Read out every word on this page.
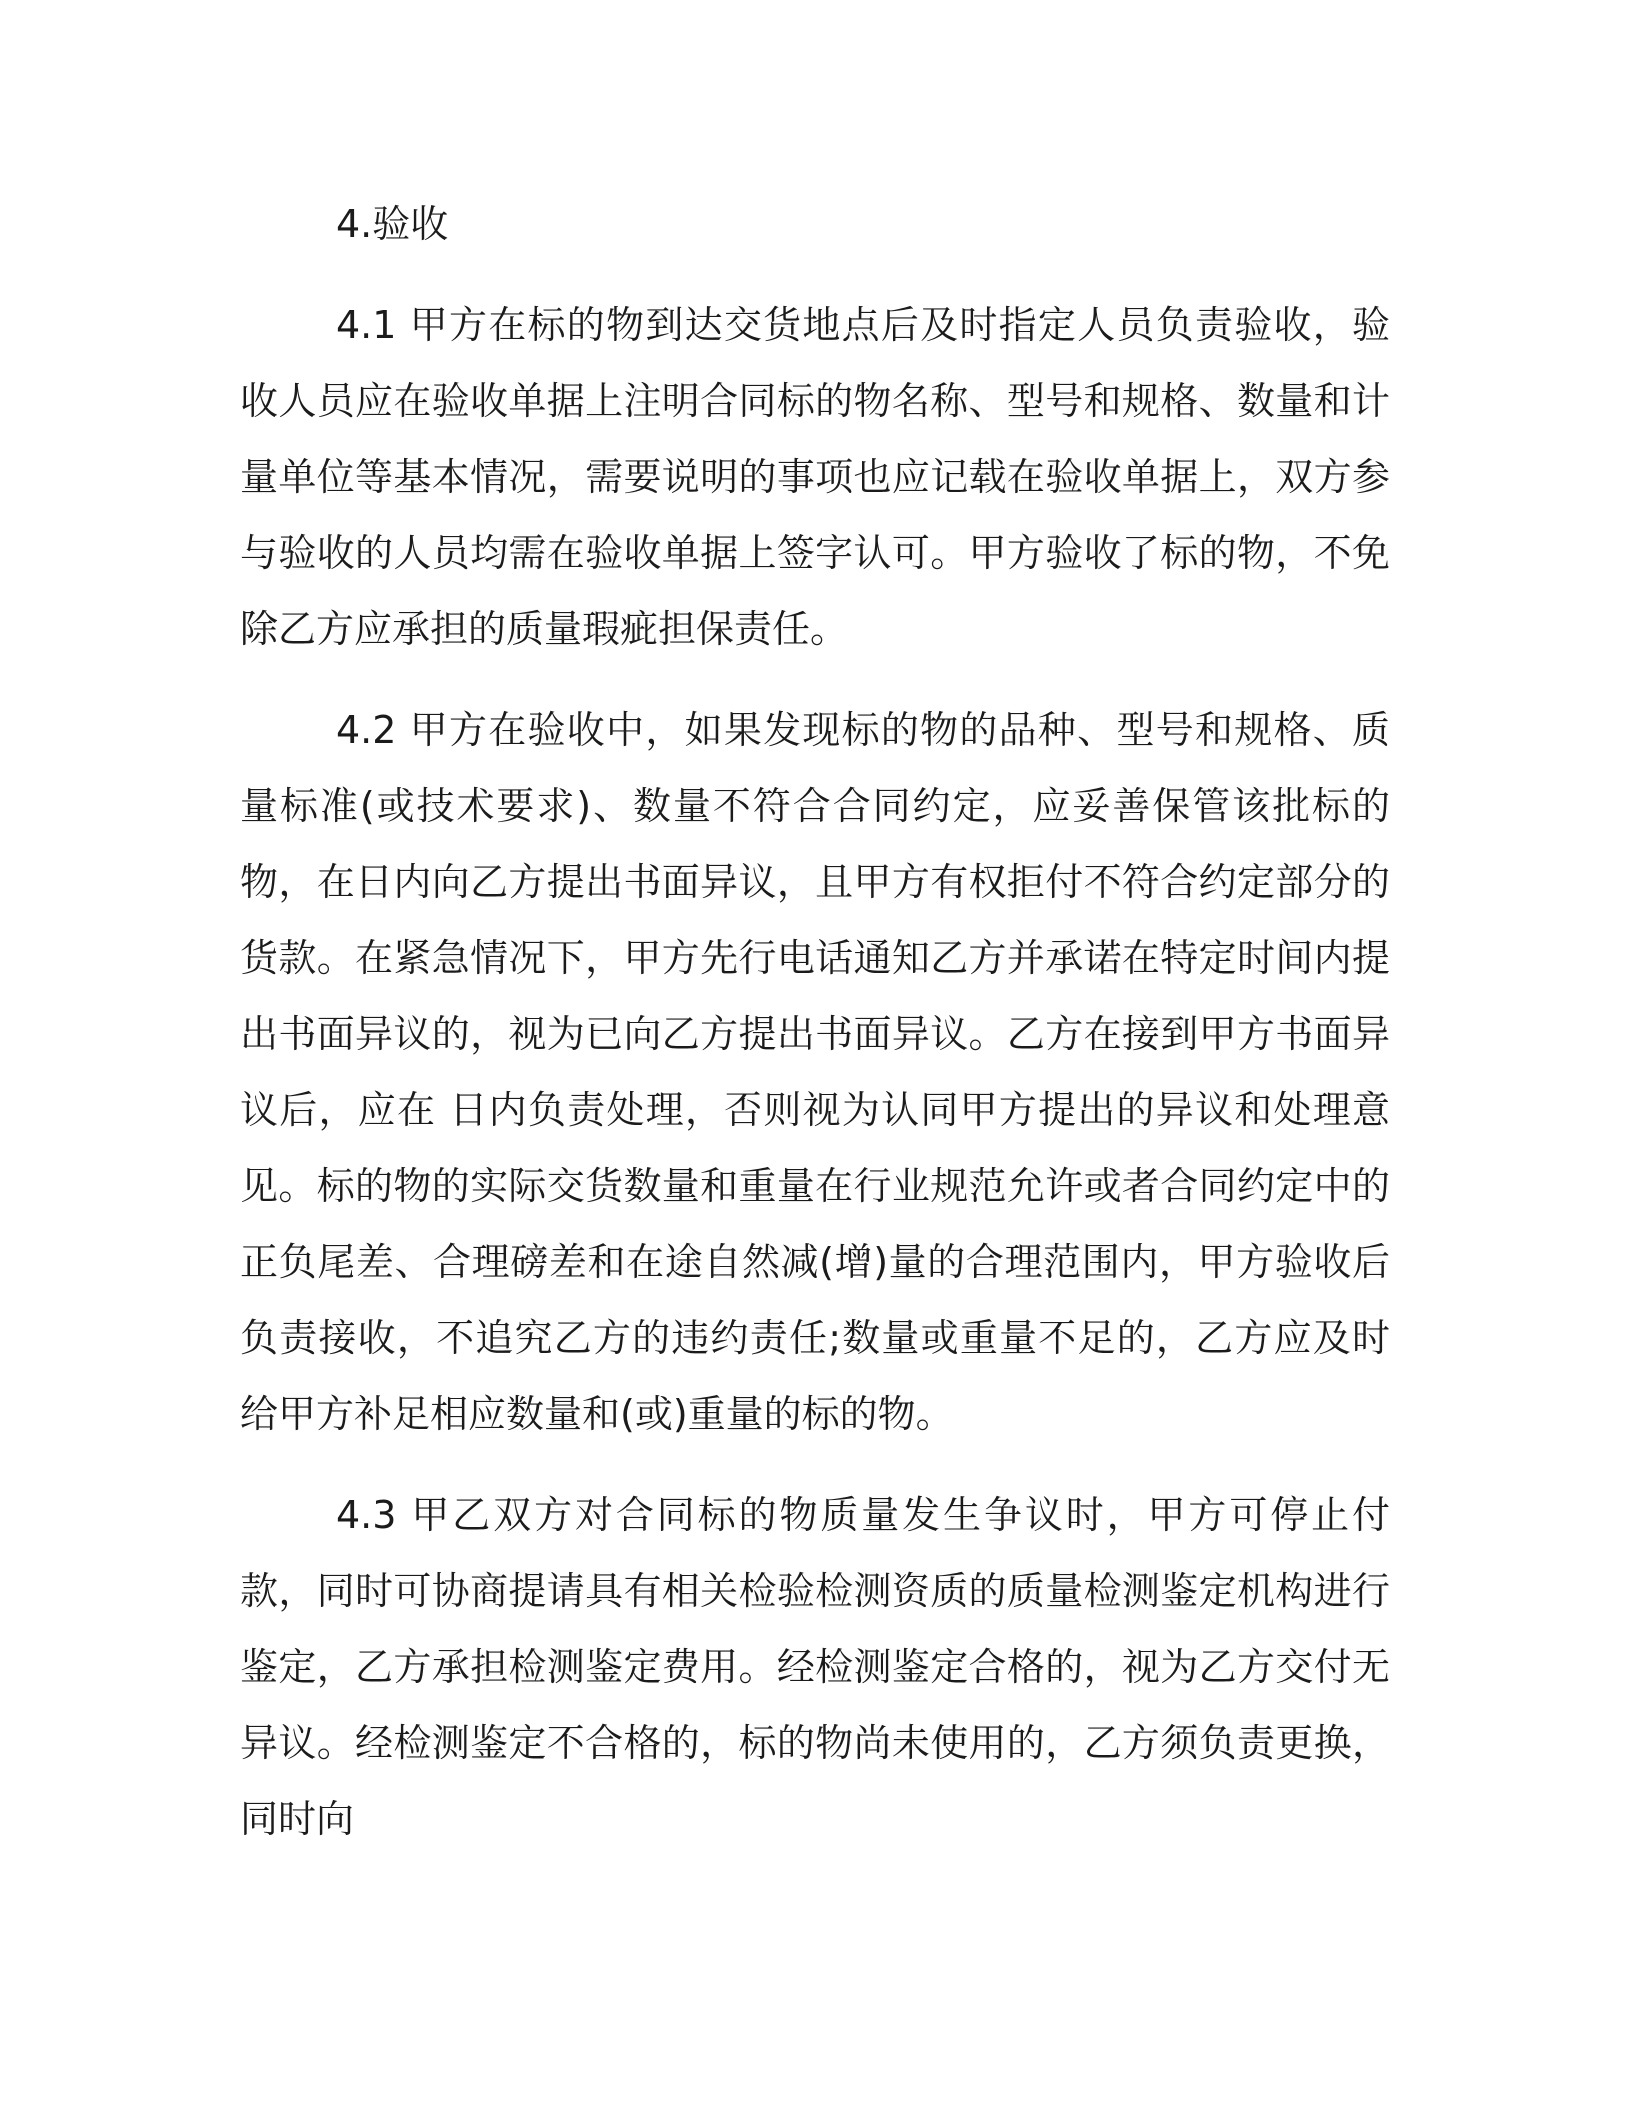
4.验收

4.1 甲方在标的物到达交货地点后及时指定人员负责验收，验收人员应在验收单据上注明合同标的物名称、型号和规格、数量和计量单位等基本情况，需要说明的事项也应记载在验收单据上，双方参与验收的人员均需在验收单据上签字认可。甲方验收了标的物，不免除乙方应承担的质量瑕疵担保责任。

4.2 甲方在验收中，如果发现标的物的品种、型号和规格、质量标准(或技术要求)、数量不符合合同约定，应妥善保管该批标的物，在日内向乙方提出书面异议，且甲方有权拒付不符合约定部分的货款。在紧急情况下，甲方先行电话通知乙方并承诺在特定时间内提出书面异议的，视为已向乙方提出书面异议。乙方在接到甲方书面异议后，应在 日内负责处理，否则视为认同甲方提出的异议和处理意见。标的物的实际交货数量和重量在行业规范允许或者合同约定中的正负尾差、合理磅差和在途自然减(增)量的合理范围内，甲方验收后负责接收，不追究乙方的违约责任;数量或重量不足的，乙方应及时给甲方补足相应数量和(或)重量的标的物。

4.3 甲乙双方对合同标的物质量发生争议时，甲方可停止付款，同时可协商提请具有相关检验检测资质的质量检测鉴定机构进行鉴定，乙方承担检测鉴定费用。经检测鉴定合格的，视为乙方交付无异议。经检测鉴定不合格的，标的物尚未使用的，乙方须负责更换，同时向
